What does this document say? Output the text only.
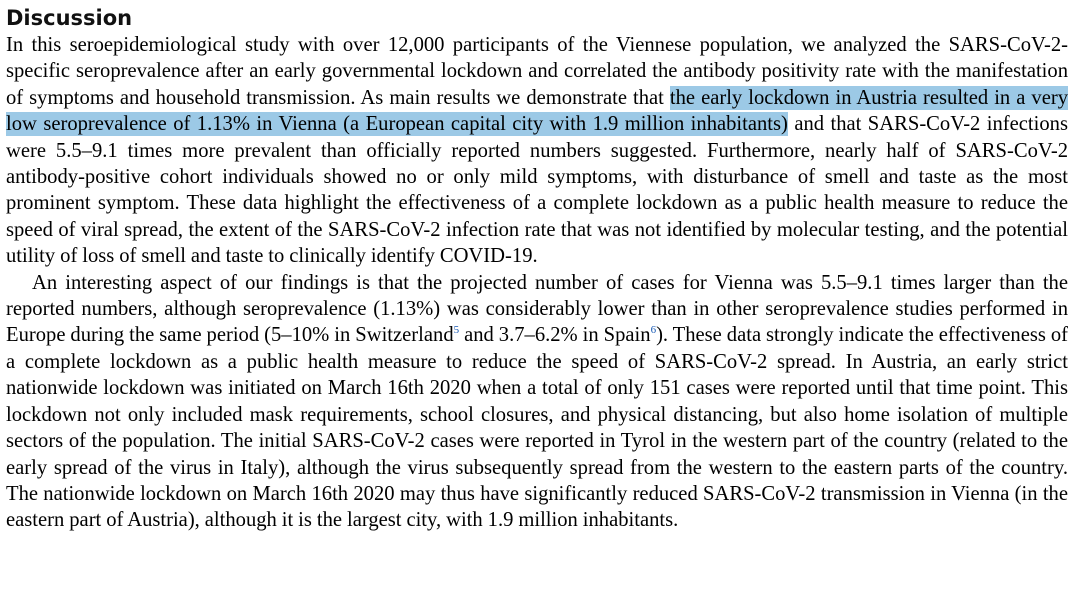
Discussion

In this seroepidemiological study with over 12,000 participants of the Viennese population, we analyzed the SARS-CoV-2-specific seroprevalence after an early governmental lockdown and correlated the antibody positivity rate with the manifestation of symptoms and household transmission. As main results we demonstrate that the early lockdown in Austria resulted in a very low seroprevalence of 1.13% in Vienna (a European capital city with 1.9 million inhabitants) and that SARS-CoV-2 infections were 5.5–9.1 times more prevalent than officially reported numbers suggested. Furthermore, nearly half of SARS-CoV-2 antibody-positive cohort individuals showed no or only mild symptoms, with disturbance of smell and taste as the most prominent symptom. These data highlight the effectiveness of a complete lockdown as a public health measure to reduce the speed of viral spread, the extent of the SARS-CoV-2 infection rate that was not identified by molecular testing, and the potential utility of loss of smell and taste to clinically identify COVID-19.

An interesting aspect of our findings is that the projected number of cases for Vienna was 5.5–9.1 times larger than the reported numbers, although seroprevalence (1.13%) was considerably lower than in other seroprevalence studies performed in Europe during the same period (5–10% in Switzerland$^5$ and 3.7–6.2% in Spain$^6$). These data strongly indicate the effectiveness of a complete lockdown as a public health measure to reduce the speed of SARS-CoV-2 spread. In Austria, an early strict nationwide lockdown was initiated on March 16th 2020 when a total of only 151 cases were reported until that time point. This lockdown not only included mask requirements, school closures, and physical distancing, but also home isolation of multiple sectors of the population. The initial SARS-CoV-2 cases were reported in Tyrol in the western part of the country (related to the early spread of the virus in Italy), although the virus subsequently spread from the western to the eastern parts of the country. The nationwide lockdown on March 16th 2020 may thus have significantly reduced SARS-CoV-2 transmission in Vienna (in the eastern part of Austria), although it is the largest city, with 1.9 million inhabitants.
